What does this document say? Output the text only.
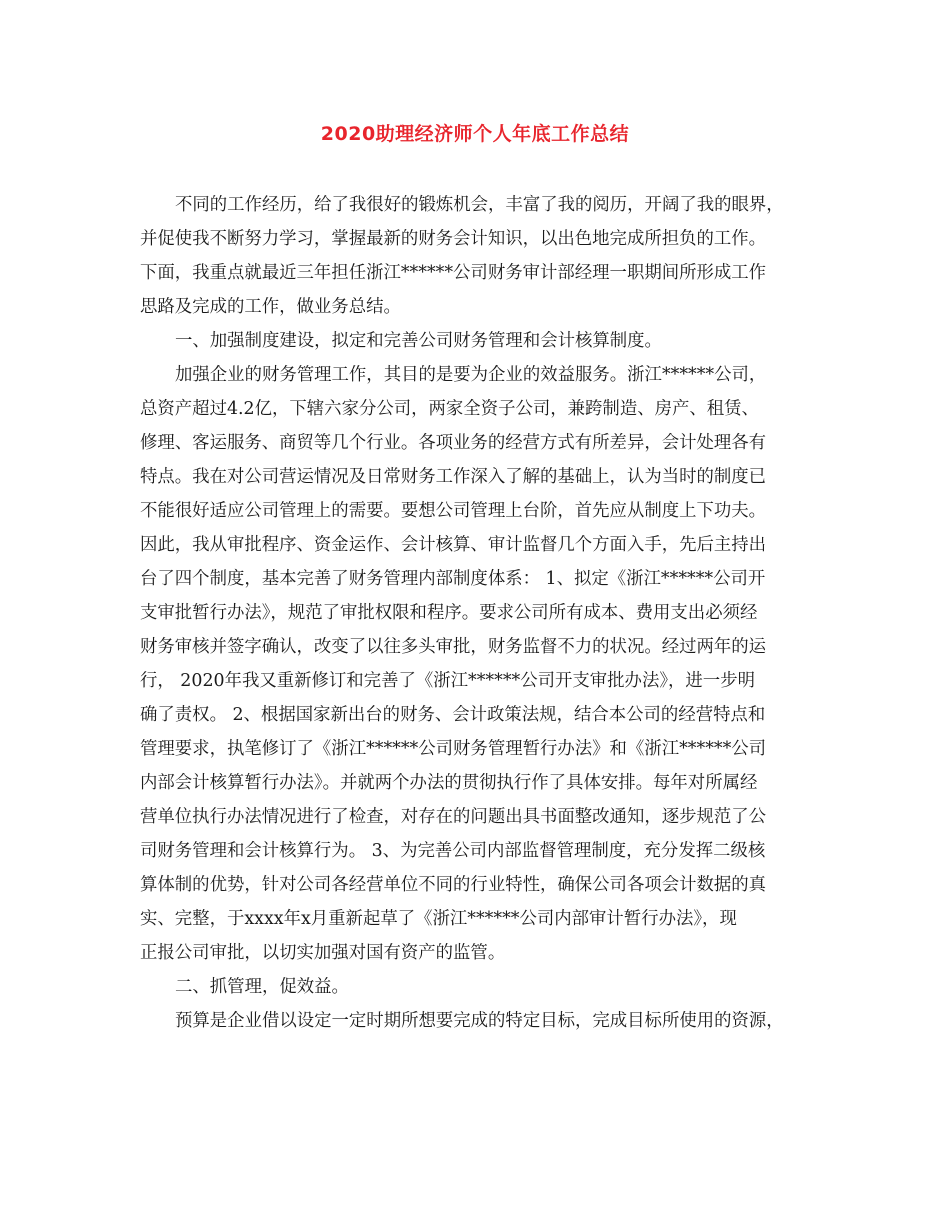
2020助理经济师个人年底工作总结
不同的工作经历，给了我很好的锻炼机会，丰富了我的阅历，开阔了我的眼界，
并促使我不断努力学习，掌握最新的财务会计知识，以出色地完成所担负的工作。
下面，我重点就最近三年担任浙江******公司财务审计部经理一职期间所形成工作
思路及完成的工作，做业务总结。
一、加强制度建设，拟定和完善公司财务管理和会计核算制度。
加强企业的财务管理工作，其目的是要为企业的效益服务。浙江******公司，
总资产超过4.2亿，下辖六家分公司，两家全资子公司，兼跨制造、房产、租赁、
修理、客运服务、商贸等几个行业。各项业务的经营方式有所差异，会计处理各有
特点。我在对公司营运情况及日常财务工作深入了解的基础上，认为当时的制度已
不能很好适应公司管理上的需要。要想公司管理上台阶，首先应从制度上下功夫。
因此，我从审批程序、资金运作、会计核算、审计监督几个方面入手，先后主持出
台了四个制度，基本完善了财务管理内部制度体系： 1、拟定《浙江******公司开
支审批暂行办法》，规范了审批权限和程序。要求公司所有成本、费用支出必须经
财务审核并签字确认，改变了以往多头审批，财务监督不力的状况。经过两年的运
行， 2020年我又重新修订和完善了《浙江******公司开支审批办法》，进一步明
确了责权。 2、根据国家新出台的财务、会计政策法规，结合本公司的经营特点和
管理要求，执笔修订了《浙江******公司财务管理暂行办法》和《浙江******公司
内部会计核算暂行办法》。并就两个办法的贯彻执行作了具体安排。每年对所属经
营单位执行办法情况进行了检查，对存在的问题出具书面整改通知，逐步规范了公
司财务管理和会计核算行为。 3、为完善公司内部监督管理制度，充分发挥二级核
算体制的优势，针对公司各经营单位不同的行业特性，确保公司各项会计数据的真
实、完整，于xxxx年x月重新起草了《浙江******公司内部审计暂行办法》，现
正报公司审批，以切实加强对国有资产的监管。
二、抓管理，促效益。
预算是企业借以设定一定时期所想要完成的特定目标，完成目标所使用的资源，
